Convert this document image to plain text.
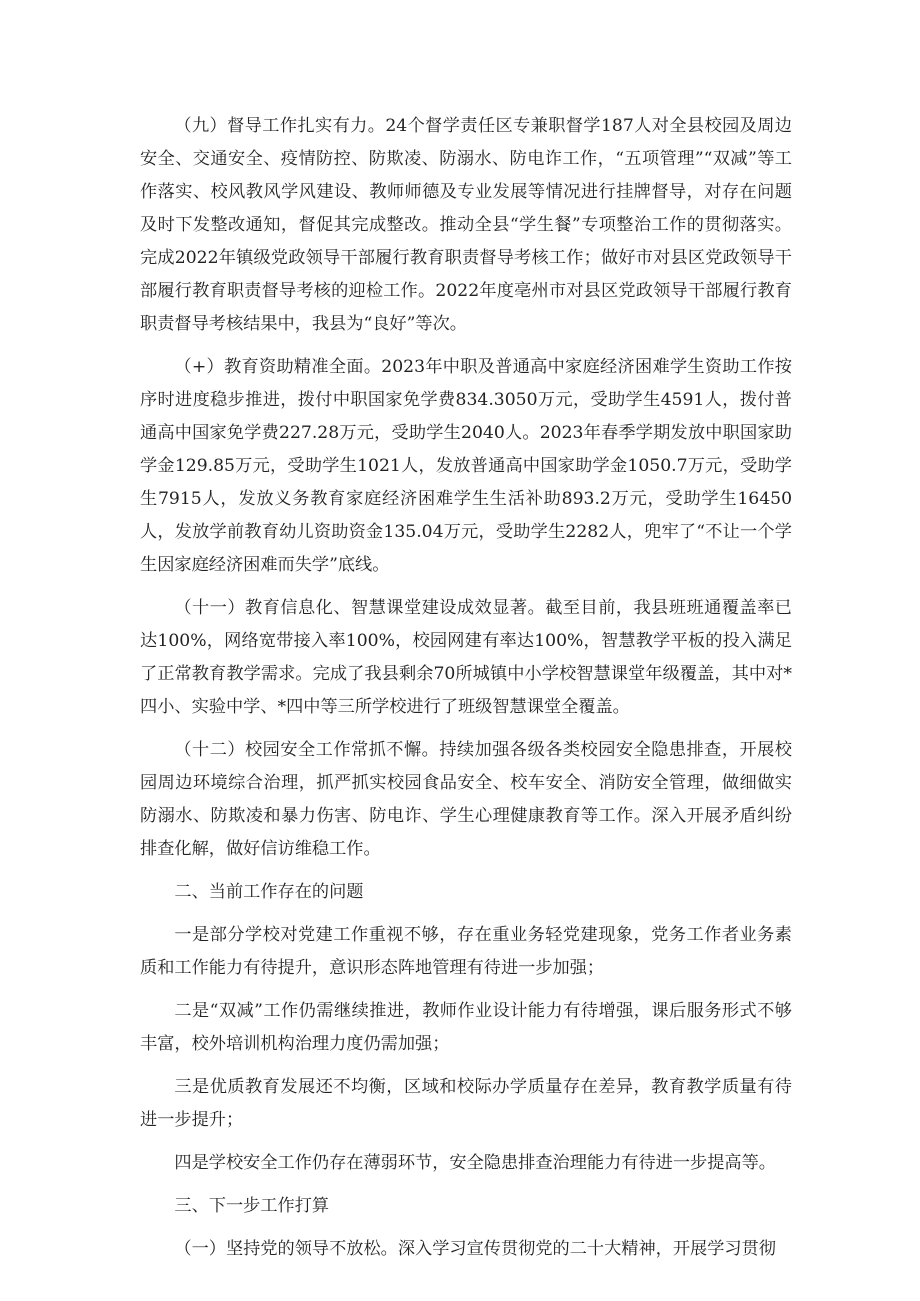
（九）督导工作扎实有力。24个督学责任区专兼职督学187人对全县校园及周边安全、交通安全、疫情防控、防欺凌、防溺水、防电诈工作，“五项管理”“双减”等工作落实、校风教风学风建设、教师师德及专业发展等情况进行挂牌督导，对存在问题及时下发整改通知，督促其完成整改。推动全县“学生餐”专项整治工作的贯彻落实。完成2022年镇级党政领导干部履行教育职责督导考核工作；做好市对县区党政领导干部履行教育职责督导考核的迎检工作。2022年度亳州市对县区党政领导干部履行教育职责督导考核结果中，我县为“良好”等次。

（+）教育资助精准全面。2023年中职及普通高中家庭经济困难学生资助工作按序时进度稳步推进，拨付中职国家免学费834.3050万元，受助学生4591人，拨付普通高中国家免学费227.28万元，受助学生2040人。2023年春季学期发放中职国家助学金129.85万元，受助学生1021人，发放普通高中国家助学金1050.7万元，受助学生7915人，发放义务教育家庭经济困难学生生活补助893.2万元，受助学生16450人，发放学前教育幼儿资助资金135.04万元，受助学生2282人，兜牢了“不让一个学生因家庭经济困难而失学”底线。

（十一）教育信息化、智慧课堂建设成效显著。截至目前，我县班班通覆盖率已达100%，网络宽带接入率100%，校园网建有率达100%，智慧教学平板的投入满足了正常教育教学需求。完成了我县剩余70所城镇中小学校智慧课堂年级覆盖，其中对*四小、实验中学、*四中等三所学校进行了班级智慧课堂全覆盖。

（十二）校园安全工作常抓不懈。持续加强各级各类校园安全隐患排查，开展校园周边环境综合治理，抓严抓实校园食品安全、校车安全、消防安全管理，做细做实防溺水、防欺凌和暴力伤害、防电诈、学生心理健康教育等工作。深入开展矛盾纠纷排查化解，做好信访维稳工作。

二、当前工作存在的问题

一是部分学校对党建工作重视不够，存在重业务轻党建现象，党务工作者业务素质和工作能力有待提升，意识形态阵地管理有待进一步加强；

二是“双减”工作仍需继续推进，教师作业设计能力有待增强，课后服务形式不够丰富，校外培训机构治理力度仍需加强；

三是优质教育发展还不均衡，区域和校际办学质量存在差异，教育教学质量有待进一步提升；

四是学校安全工作仍存在薄弱环节，安全隐患排查治理能力有待进一步提高等。

三、下一步工作打算

（一）坚持党的领导不放松。深入学习宣传贯彻党的二十大精神，开展学习贯彻
